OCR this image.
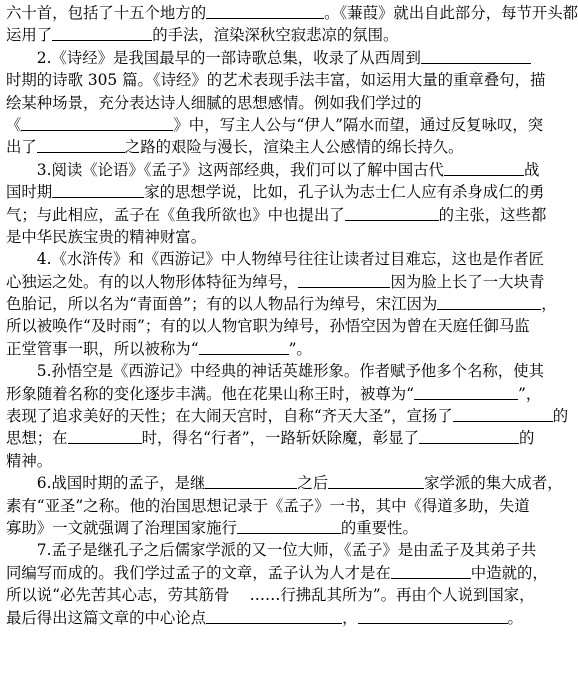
六十首，包括了十五个地方的	。《蒹葭》就出自此部分，每节开头都
运用了	的手法，渲染深秋空寂悲凉的氛围。
　　2.《诗经》是我国最早的一部诗歌总集，收录了从西周到
时期的诗歌 305 篇。《诗经》的艺术表现手法丰富，如运用大量的重章叠句，描
绘某种场景，充分表达诗人细腻的思想感情。例如我们学过的
《	》中，写主人公与“伊人”隔水而望，通过反复咏叹，突
出了	之路的艰险与漫长，渲染主人公感情的绵长持久。
　　3.阅读《论语》《孟子》这两部经典，我们可以了解中国古代	战
国时期	家的思想学说，比如，孔子认为志士仁人应有杀身成仁的勇
气；与此相应，孟子在《鱼我所欲也》中也提出了	的主张，这些都
是中华民族宝贵的精神财富。
　　4.《水浒传》和《西游记》中人物绰号往往让读者过目难忘，这也是作者匠
心独运之处。有的以人物形体特征为绰号，	因为脸上长了一大块青
色胎记，所以名为“青面兽”；有的以人物品行为绰号，宋江因为	，
所以被唤作“及时雨”；有的以人物官职为绰号，孙悟空因为曾在天庭任御马监
正堂管事一职，所以被称为“	”。
　　5.孙悟空是《西游记》中经典的神话英雄形象。作者赋予他多个名称，使其
形象随着名称的变化逐步丰满。他在花果山称王时，被尊为“	”，
表现了追求美好的天性；在大闹天宫时，自称“齐天大圣”，宣扬了	的
思想；在	时，得名“行者”，一路斩妖除魔，彰显了	的
精神。
　　6.战国时期的孟子，是继	之后	家学派的集大成者，
素有“亚圣”之称。他的治国思想记录于《孟子》一书，其中《得道多助，失道
寡助》一文就强调了治理国家施行	的重要性。
　　7.孟子是继孔子之后儒家学派的又一位大师，《孟子》是由孟子及其弟子共
同编写而成的。我们学过孟子的文章，孟子认为人才是在	中造就的，
所以说“必先苦其心志，劳其筋骨 　……行拂乱其所为”。再由个人说到国家，
最后得出这篇文章的中心论点	，	。
